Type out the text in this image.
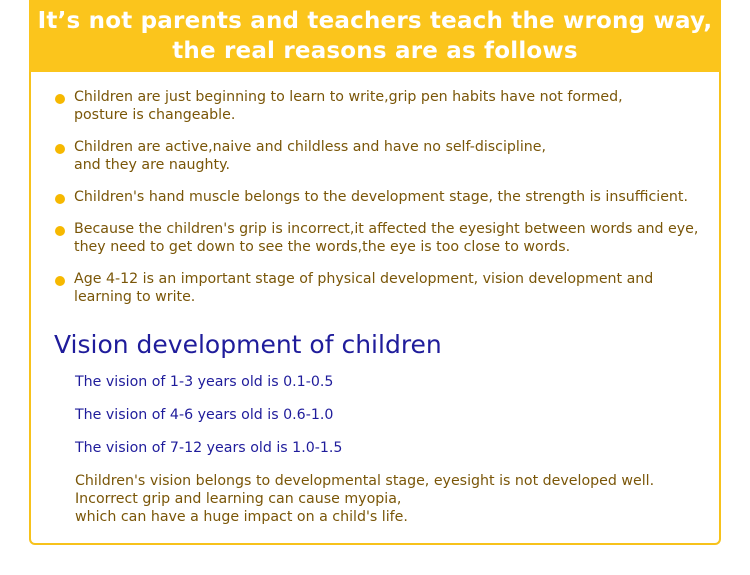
It’s not parents and teachers teach the wrong way,
the real reasons are as follows
Children are just beginning to learn to write,grip pen habits have not formed,
posture is changeable.
Children are active,naive and childless and have no self-discipline,
and they are naughty.
Children's hand muscle belongs to the development stage, the strength is insufficient.
Because the children's grip is incorrect,it affected the eyesight between words and eye,
they need to get down to see the words,the eye is too close to words.
Age 4-12 is an important stage of physical development, vision development and
learning to write.
Vision development of children
The vision of 1-3 years old is 0.1-0.5
The vision of 4-6 years old is 0.6-1.0
The vision of 7-12 years old is 1.0-1.5
Children's vision belongs to developmental stage, eyesight is not developed well.
Incorrect grip and learning can cause myopia,
which can have a huge impact on a child's life.
